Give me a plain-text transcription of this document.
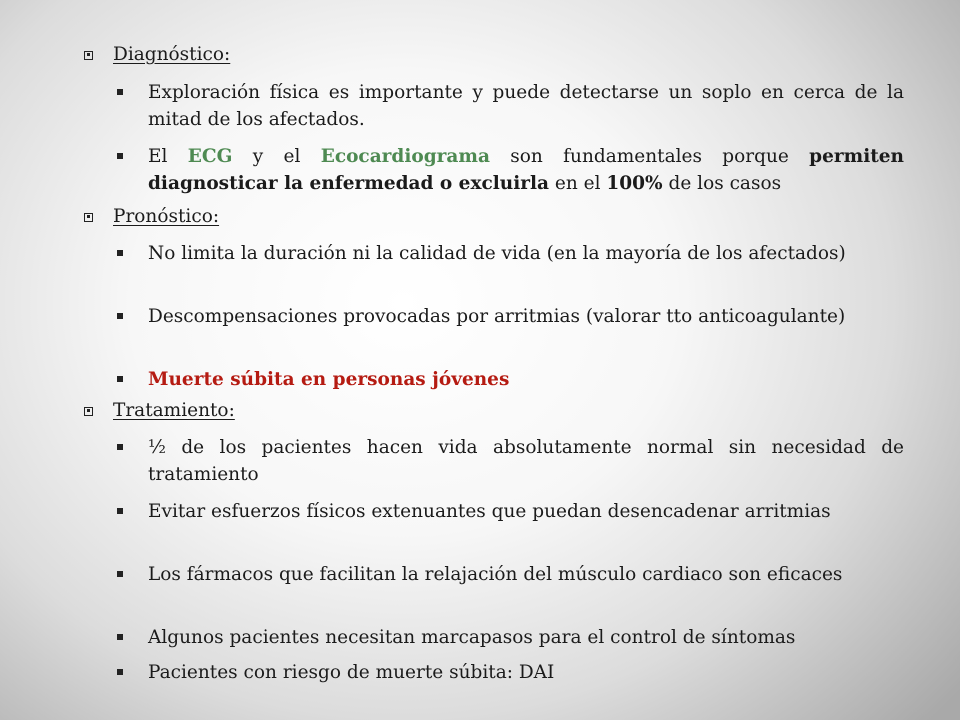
Diagnóstico:
Exploración física es importante y puede detectarse un soplo en cerca de la mitad de los afectados.
El ECG y el Ecocardiograma son fundamentales porque permiten diagnosticar la enfermedad o excluirla en el 100% de los casos
Pronóstico:
No limita la duración ni la calidad de vida (en la mayoría de los afectados)
Descompensaciones provocadas por arritmias (valorar tto anticoagulante)
Muerte súbita en personas jóvenes
Tratamiento:
½ de los pacientes hacen vida absolutamente normal sin necesidad de tratamiento
Evitar esfuerzos físicos extenuantes que puedan desencadenar arritmias
Los fármacos que facilitan la relajación del músculo cardiaco son eficaces
Algunos pacientes necesitan marcapasos para el control de síntomas
Pacientes con riesgo de muerte súbita: DAI
